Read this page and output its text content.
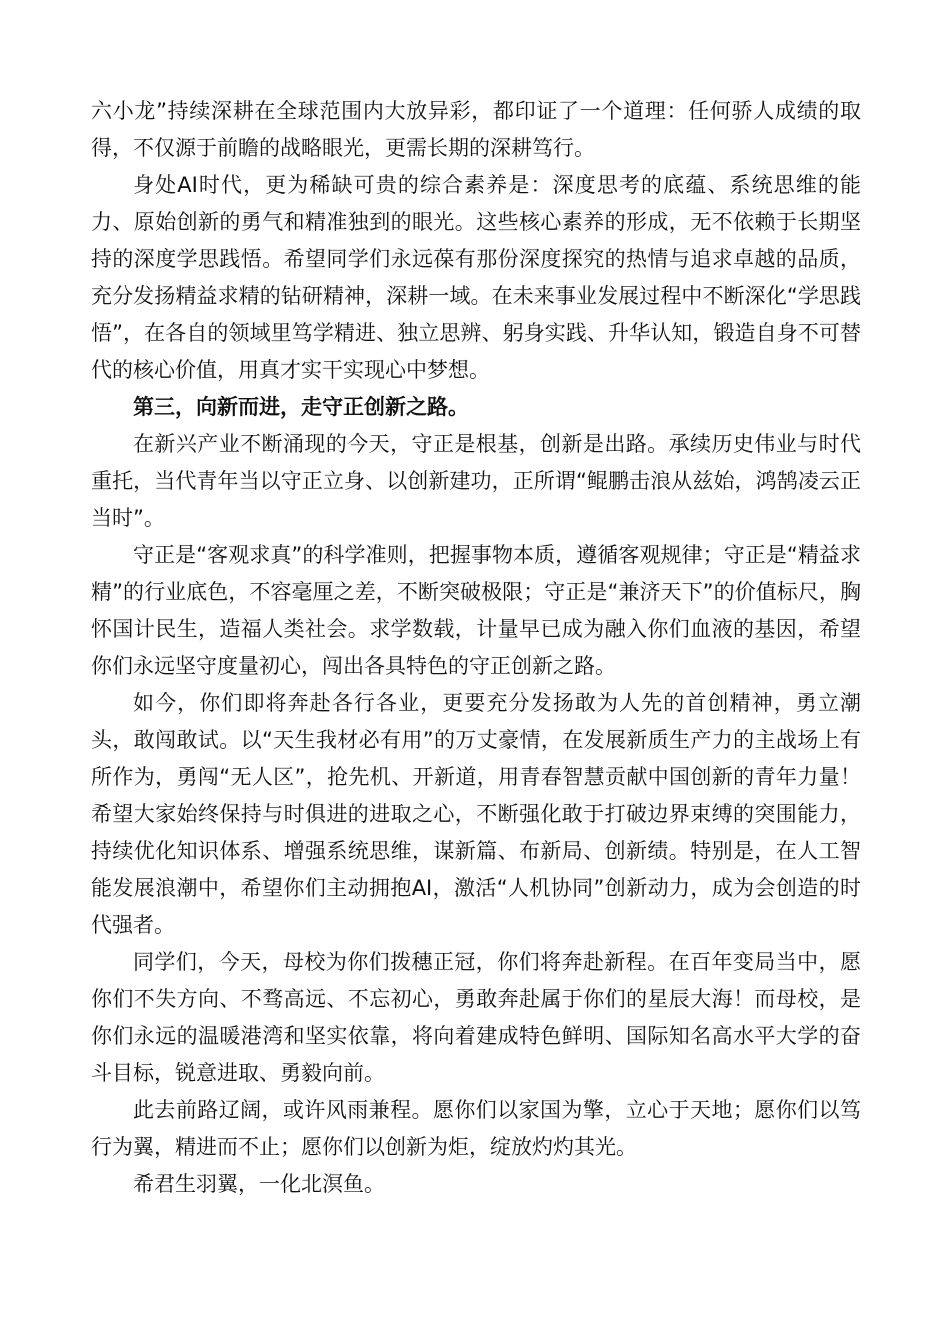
六小龙”持续深耕在全球范围内大放异彩，都印证了一个道理：任何骄人成绩的取得，不仅源于前瞻的战略眼光，更需长期的深耕笃行。

身处AI时代，更为稀缺可贵的综合素养是：深度思考的底蕴、系统思维的能力、原始创新的勇气和精准独到的眼光。这些核心素养的形成，无不依赖于长期坚持的深度学思践悟。希望同学们永远葆有那份深度探究的热情与追求卓越的品质，充分发扬精益求精的钻研精神，深耕一域。在未来事业发展过程中不断深化“学思践悟”，在各自的领域里笃学精进、独立思辨、躬身实践、升华认知，锻造自身不可替代的核心价值，用真才实干实现心中梦想。

第三，向新而进，走守正创新之路。

在新兴产业不断涌现的今天，守正是根基，创新是出路。承续历史伟业与时代重托，当代青年当以守正立身、以创新建功，正所谓“鲲鹏击浪从兹始，鸿鹄凌云正当时”。

守正是“客观求真”的科学准则，把握事物本质，遵循客观规律；守正是“精益求精”的行业底色，不容毫厘之差，不断突破极限；守正是“兼济天下”的价值标尺，胸怀国计民生，造福人类社会。求学数载，计量早已成为融入你们血液的基因，希望你们永远坚守度量初心，闯出各具特色的守正创新之路。

如今，你们即将奔赴各行各业，更要充分发扬敢为人先的首创精神，勇立潮头，敢闯敢试。以“天生我材必有用”的万丈豪情，在发展新质生产力的主战场上有所作为，勇闯“无人区”，抢先机、开新道，用青春智慧贡献中国创新的青年力量！希望大家始终保持与时俱进的进取之心，不断强化敢于打破边界束缚的突围能力，持续优化知识体系、增强系统思维，谋新篇、布新局、创新绩。特别是，在人工智能发展浪潮中，希望你们主动拥抱AI，激活“人机协同”创新动力，成为会创造的时代强者。

同学们，今天，母校为你们拨穗正冠，你们将奔赴新程。在百年变局当中，愿你们不失方向、不骛高远、不忘初心，勇敢奔赴属于你们的星辰大海！而母校，是你们永远的温暖港湾和坚实依靠，将向着建成特色鲜明、国际知名高水平大学的奋斗目标，锐意进取、勇毅向前。

此去前路辽阔，或许风雨兼程。愿你们以家国为擎，立心于天地；愿你们以笃行为翼，精进而不止；愿你们以创新为炬，绽放灼灼其光。

希君生羽翼，一化北溟鱼。
